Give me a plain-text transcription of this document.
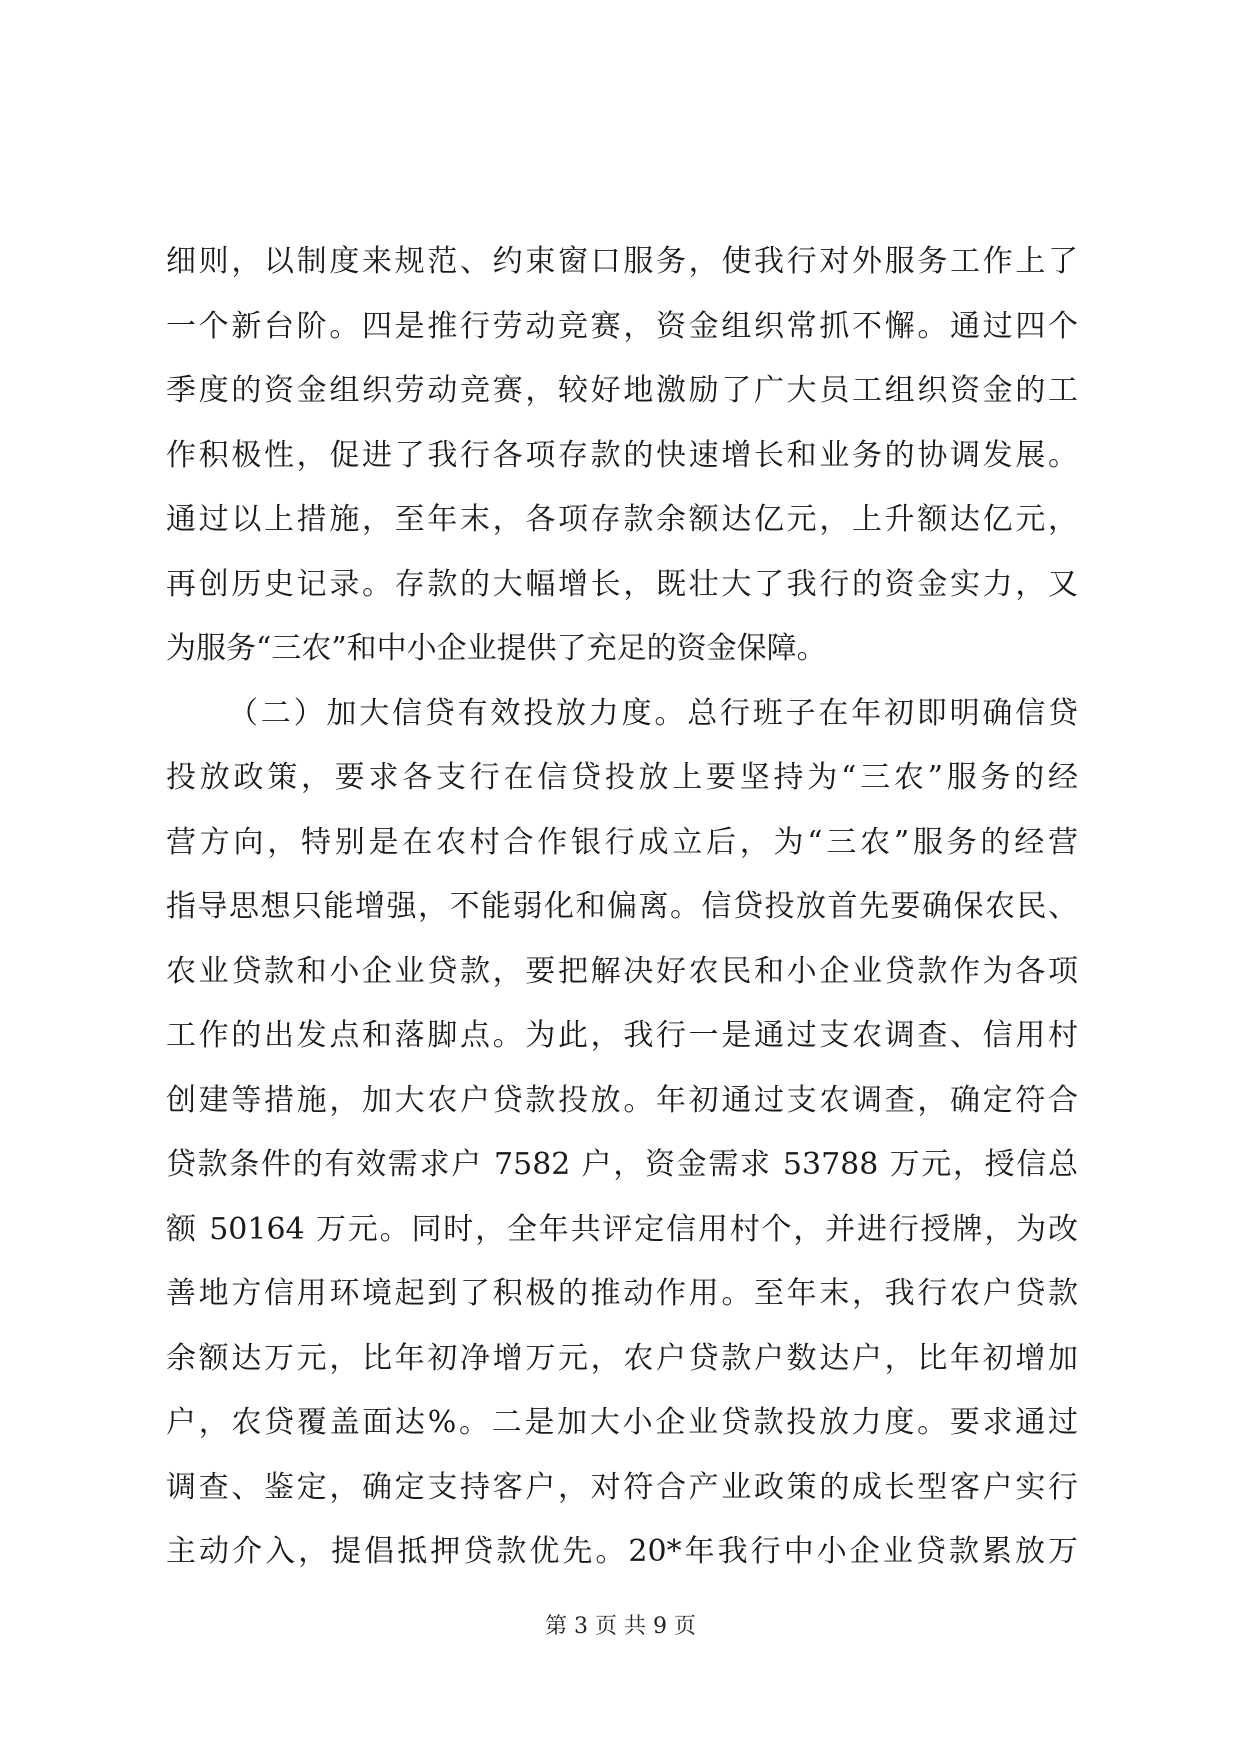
细则，以制度来规范、约束窗口服务，使我行对外服务工作上了
一个新台阶。四是推行劳动竞赛，资金组织常抓不懈。通过四个
季度的资金组织劳动竞赛，较好地激励了广大员工组织资金的工
作积极性，促进了我行各项存款的快速增长和业务的协调发展。
通过以上措施，至年末，各项存款余额达亿元，上升额达亿元，
再创历史记录。存款的大幅增长，既壮大了我行的资金实力，又
为服务“三农”和中小企业提供了充足的资金保障。
（二）加大信贷有效投放力度。总行班子在年初即明确信贷
投放政策，要求各支行在信贷投放上要坚持为“三农”服务的经
营方向，特别是在农村合作银行成立后，为“三农”服务的经营
指导思想只能增强，不能弱化和偏离。信贷投放首先要确保农民、
农业贷款和小企业贷款，要把解决好农民和小企业贷款作为各项
工作的出发点和落脚点。为此，我行一是通过支农调查、信用村
创建等措施，加大农户贷款投放。年初通过支农调查，确定符合
贷款条件的有效需求户 7582 户，资金需求 53788 万元，授信总
额 50164 万元。同时，全年共评定信用村个，并进行授牌，为改
善地方信用环境起到了积极的推动作用。至年末，我行农户贷款
余额达万元，比年初净增万元，农户贷款户数达户，比年初增加
户，农贷覆盖面达%。二是加大小企业贷款投放力度。要求通过
调查、鉴定，确定支持客户，对符合产业政策的成长型客户实行
主动介入，提倡抵押贷款优先。20*年我行中小企业贷款累放万
第 3 页 共 9 页
